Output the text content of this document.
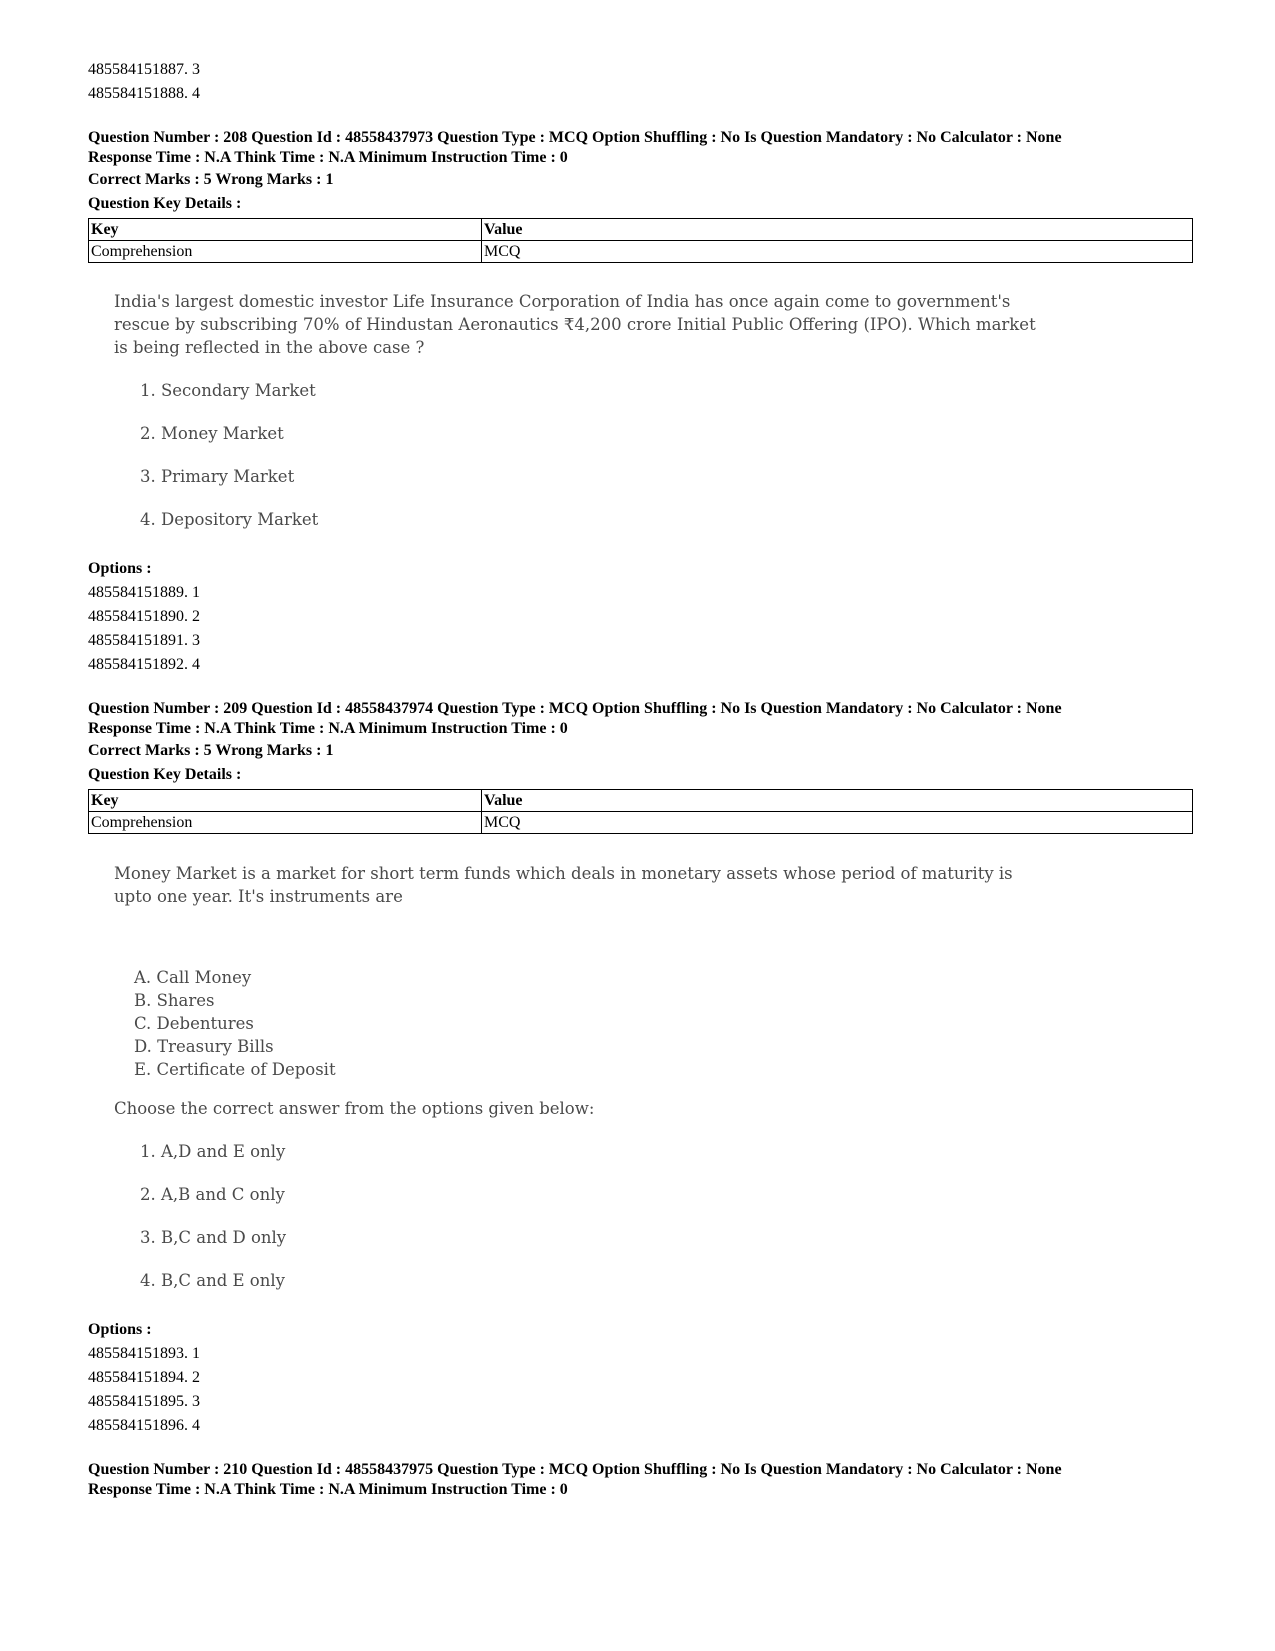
485584151887. 3

485584151888. 4

Question Number : 208 Question Id : 48558437973 Question Type : MCQ Option Shuffling : No Is Question Mandatory : No Calculator : None

Response Time : N.A Think Time : N.A Minimum Instruction Time : 0

Correct Marks : 5 Wrong Marks : 1

Question Key Details :

Key	Value
Comprehension	MCQ

India's largest domestic investor Life Insurance Corporation of India has once again come to government's

rescue by subscribing 70% of Hindustan Aeronautics ₹4,200 crore Initial Public Offering (IPO). Which market

is being reflected in the above case ?

1. Secondary Market

2. Money Market

3. Primary Market

4. Depository Market

Options :

485584151889. 1

485584151890. 2

485584151891. 3

485584151892. 4

Question Number : 209 Question Id : 48558437974 Question Type : MCQ Option Shuffling : No Is Question Mandatory : No Calculator : None

Response Time : N.A Think Time : N.A Minimum Instruction Time : 0

Correct Marks : 5 Wrong Marks : 1

Question Key Details :

Key	Value
Comprehension	MCQ

Money Market is a market for short term funds which deals in monetary assets whose period of maturity is

upto one year. It's instruments are

A. Call Money

B. Shares

C. Debentures

D. Treasury Bills

E. Certificate of Deposit

Choose the correct answer from the options given below:

1. A,D and E only

2. A,B and C only

3. B,C and D only

4. B,C and E only

Options :

485584151893. 1

485584151894. 2

485584151895. 3

485584151896. 4

Question Number : 210 Question Id : 48558437975 Question Type : MCQ Option Shuffling : No Is Question Mandatory : No Calculator : None

Response Time : N.A Think Time : N.A Minimum Instruction Time : 0
